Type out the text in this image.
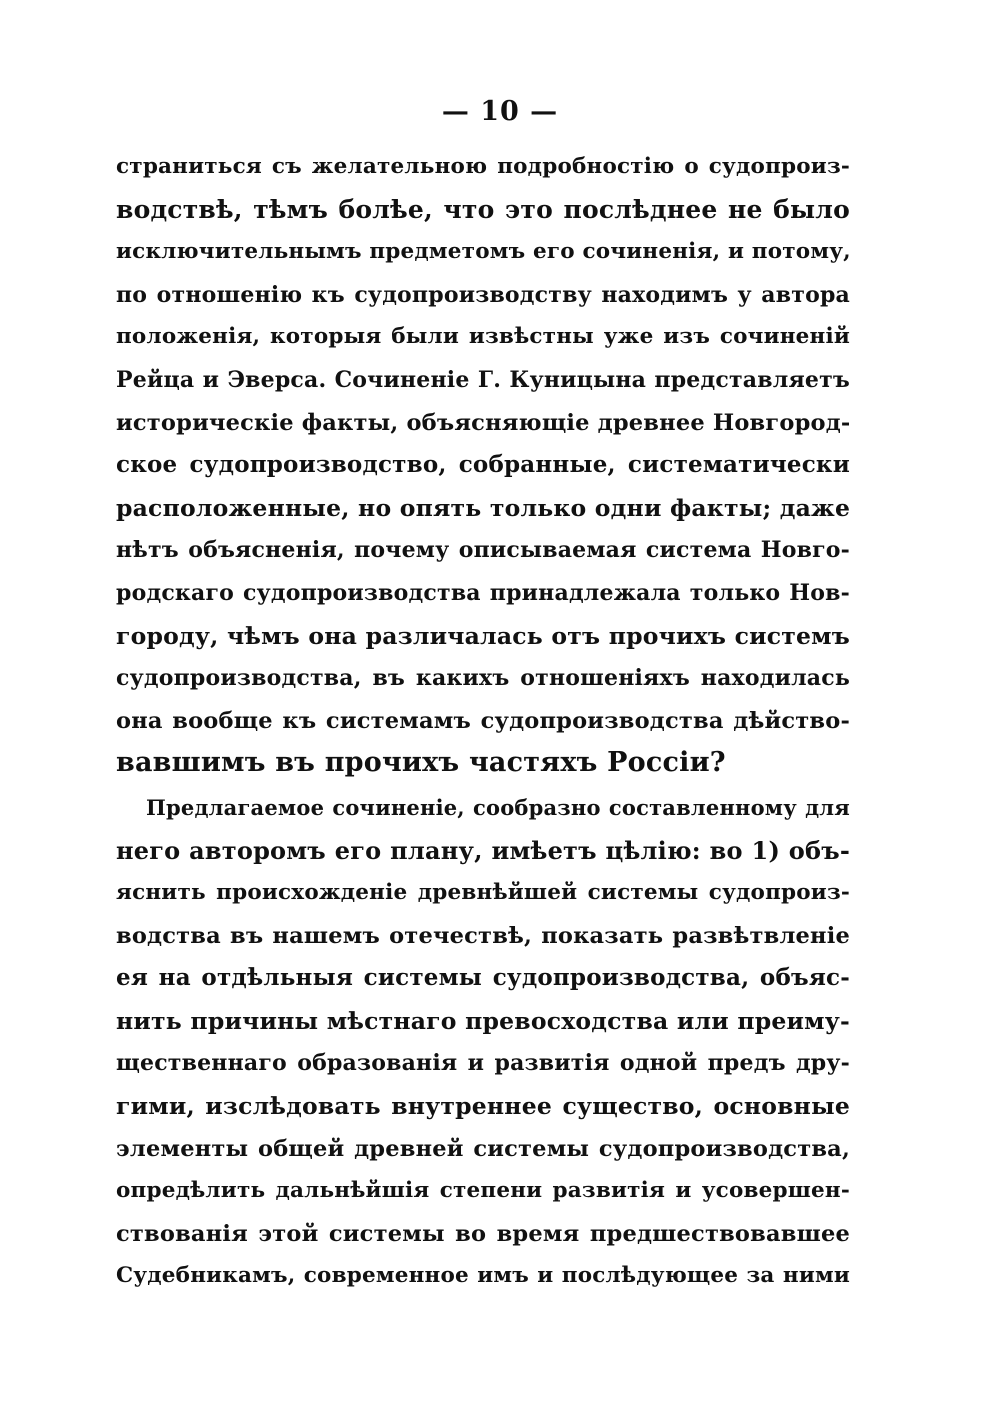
— 10 —
страниться съ желательною подробностію о судопроиз-
водствѣ, тѣмъ болѣе, что это послѣднее не было
исключительнымъ предметомъ его сочиненія, и потому,
по отношенію къ судопроизводству находимъ у автора
положенія, которыя были извѣстны уже изъ сочиненій
Рейца и Эверса. Сочиненіе Г. Куницына представляетъ
историческіе факты, объясняющіе древнее Новгород-
ское судопроизводство, собранные, систематически
расположенные, но опять только одни факты; даже
нѣтъ объясненія, почему описываемая система Новго-
родскаго судопроизводства принадлежала только Нов-
городу, чѣмъ она различалась отъ прочихъ системъ
судопроизводства, въ какихъ отношеніяхъ находилась
она вообще къ системамъ судопроизводства дѣйство-
вавшимъ въ прочихъ частяхъ Россіи?
Предлагаемое сочиненіе, сообразно составленному для
него авторомъ его плану, имѣетъ цѣлію: во 1) объ-
яснить происхожденіе древнѣйшей системы судопроиз-
водства въ нашемъ отечествѣ, показать развѣтвленіе
ея на отдѣльныя системы судопроизводства, объяс-
нить причины мѣстнаго превосходства или преиму-
щественнаго образованія и развитія одной предъ дру-
гими, изслѣдовать внутреннее существо, основные
элементы общей древней системы судопроизводства,
опредѣлить дальнѣйшія степени развитія и усовершен-
ствованія этой системы во время предшествовавшее
Судебникамъ, современное имъ и послѣдующее за ними
